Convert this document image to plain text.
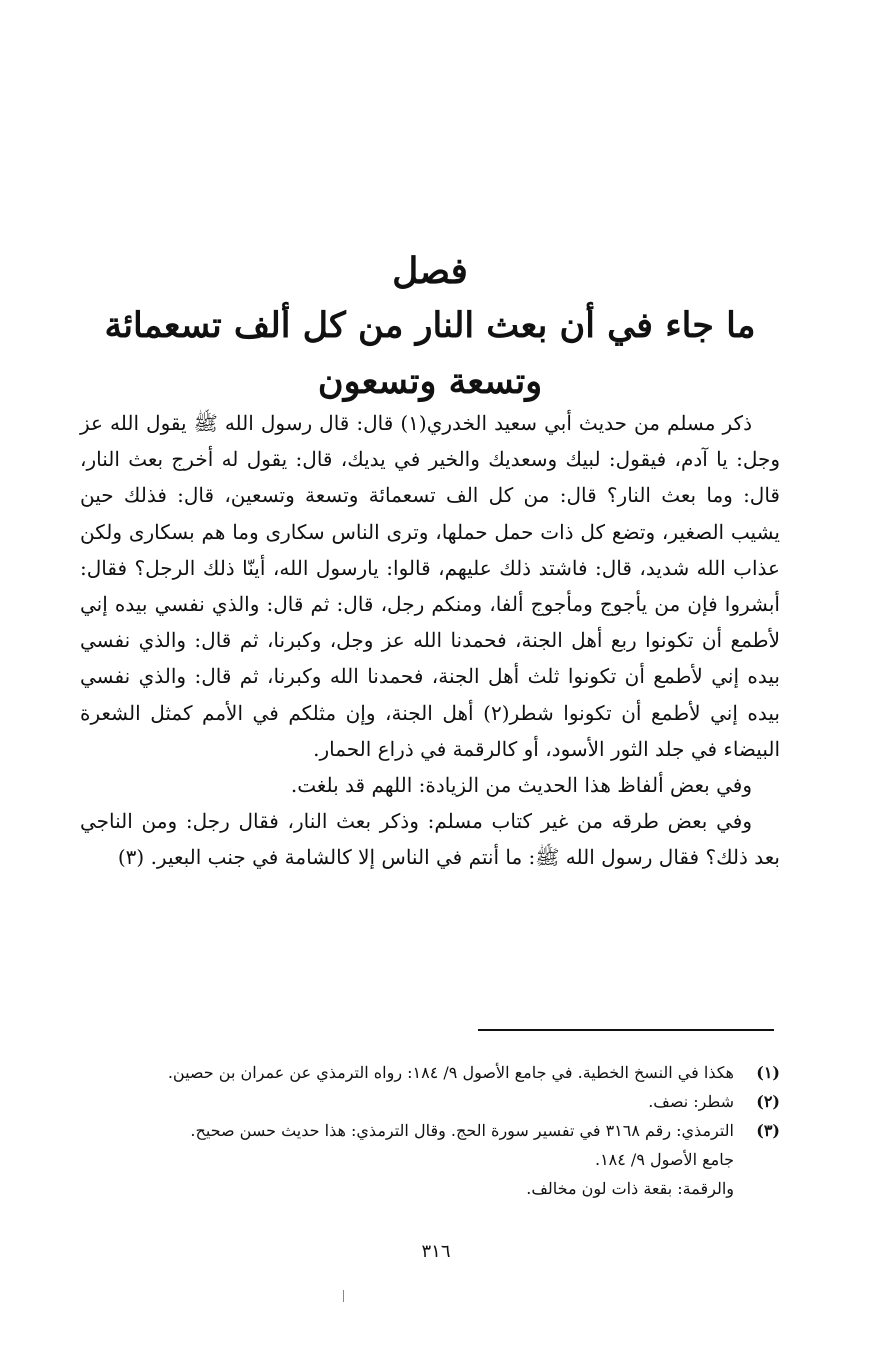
فصل
ما جاء في أن بعث النار من كل ألف تسعمائة وتسعة وتسعون

ذكر مسلم من حديث أبي سعيد الخدري(١) قال: قال رسول الله ﷺ يقول الله عز وجل: يا آدم، فيقول: لبيك وسعديك والخير في يديك، قال: يقول له أخرج بعث النار، قال: وما بعث النار؟ قال: من كل الف تسعمائة وتسعة وتسعين، قال: فذلك حين يشيب الصغير، وتضع كل ذات حمل حملها، وترى الناس سكارى وما هم بسكارى ولكن عذاب الله شديد، قال: فاشتد ذلك عليهم، قالوا: يارسول الله، أينّا ذلك الرجل؟ فقال: أبشروا فإن من يأجوج ومأجوج ألفا، ومنكم رجل، قال: ثم قال: والذي نفسي بيده إني لأطمع أن تكونوا ربع أهل الجنة، فحمدنا الله عز وجل، وكبرنا، ثم قال: والذي نفسي بيده إني لأطمع أن تكونوا ثلث أهل الجنة، فحمدنا الله وكبرنا، ثم قال: والذي نفسي بيده إني لأطمع أن تكونوا شطر(٢) أهل الجنة، وإن مثلكم في الأمم كمثل الشعرة البيضاء في جلد الثور الأسود، أو كالرقمة في ذراع الحمار.

وفي بعض ألفاظ هذا الحديث من الزيادة: اللهم قد بلغت.

وفي بعض طرقه من غير كتاب مسلم: وذكر بعث النار، فقال رجل: ومن الناجي بعد ذلك؟ فقال رسول الله ﷺ: ما أنتم في الناس إلا كالشامة في جنب البعير. (٣)

(١)
هكذا في النسخ الخطية. في جامع الأصول ٩/ ١٨٤: رواه الترمذي عن عمران بن حصين.
(٢)
شطر: نصف.
(٣)
الترمذي: رقم ٣١٦٨ في تفسير سورة الحج. وقال الترمذي: هذا حديث حسن صحيح.
جامع الأصول ٩/ ١٨٤.
والرقمة: بقعة ذات لون مخالف.
٣١٦
